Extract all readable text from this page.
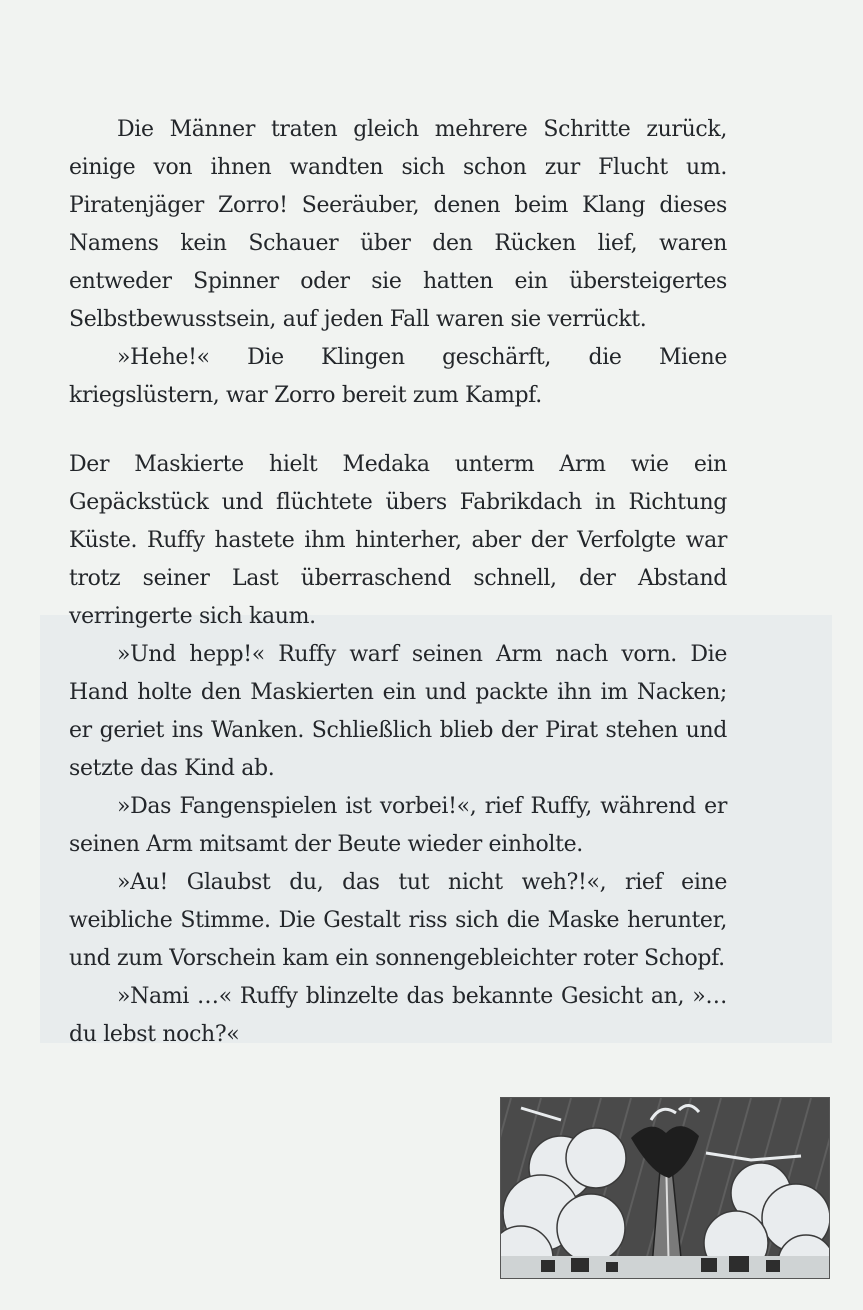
Die Männer traten gleich mehrere Schritte zurück, einige von ihnen wandten sich schon zur Flucht um. Piratenjäger Zorro! Seeräuber, denen beim Klang dieses Namens kein Schauer über den Rücken lief, waren entweder Spinner oder sie hatten ein übersteigertes Selbstbewusstsein, auf jeden Fall waren sie verrückt.

»Hehe!« Die Klingen geschärft, die Miene kriegslüstern, war Zorro bereit zum Kampf.

Der Maskierte hielt Medaka unterm Arm wie ein Gepäckstück und flüchtete übers Fabrikdach in Richtung Küste. Ruffy hastete ihm hinterher, aber der Verfolgte war trotz seiner Last überraschend schnell, der Abstand verringerte sich kaum.

»Und hepp!« Ruffy warf seinen Arm nach vorn. Die Hand holte den Maskierten ein und packte ihn im Nacken; er geriet ins Wanken. Schließlich blieb der Pirat stehen und setzte das Kind ab.

»Das Fangenspielen ist vorbei!«, rief Ruffy, während er seinen Arm mitsamt der Beute wieder einholte.

»Au! Glaubst du, das tut nicht weh?!«, rief eine weibliche Stimme. Die Gestalt riss sich die Maske herunter, und zum Vorschein kam ein sonnengebleichter roter Schopf.

»Nami …« Ruffy blinzelte das bekannte Gesicht an, »… du lebst noch?«
